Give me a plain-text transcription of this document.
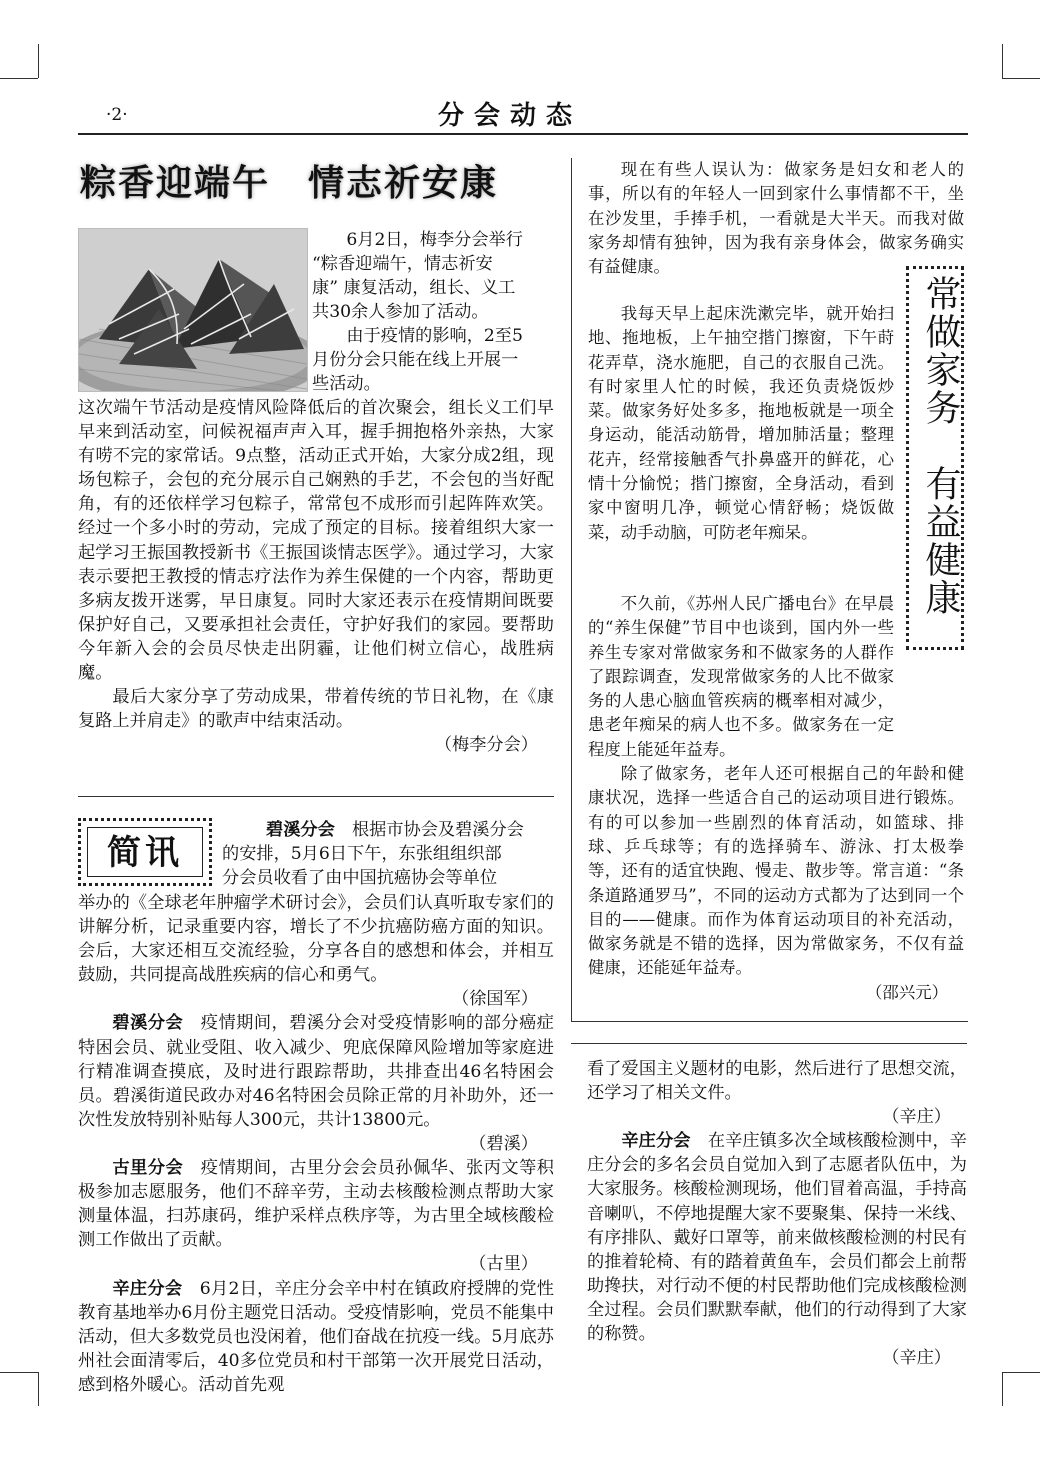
·2·	分会动态
粽香迎端午　情志祈安康

　　6月2日，梅李分会举行

“粽香迎端午，情志祈安

康” 康复活动，组长、义工

共30余人参加了活动。

　　由于疫情的影响，2至5

月份分会只能在线上开展一

些活动。

这次端午节活动是疫情风险降低后的首次聚会，组长义工们早早来到活动室，问候祝福声声入耳，握手拥抱格外亲热，大家有唠不完的家常话。9点整，活动正式开始，大家分成2组，现场包粽子，会包的充分展示自己娴熟的手艺，不会包的当好配角，有的还依样学习包粽子，常常包不成形而引起阵阵欢笑。经过一个多小时的劳动，完成了预定的目标。接着组织大家一起学习王振国教授新书《王振国谈情志医学》。通过学习，大家表示要把王教授的情志疗法作为养生保健的一个内容，帮助更多病友拨开迷雾，早日康复。同时大家还表示在疫情期间既要保护好自己，又要承担社会责任，守护好我们的家园。要帮助今年新入会的会员尽快走出阴霾，让他们树立信心，战胜病魔。

最后大家分享了劳动成果，带着传统的节日礼物，在《康复路上并肩走》的歌声中结束活动。

（梅李分会）

简讯

碧溪分会　根据市协会及碧溪分会

的安排，5月6日下午，东张组组织部

分会员收看了由中国抗癌协会等单位

举办的《全球老年肿瘤学术研讨会》，会员们认真听取专家们的讲解分析，记录重要内容，增长了不少抗癌防癌方面的知识。会后，大家还相互交流经验，分享各自的感想和体会，并相互鼓励，共同提高战胜疾病的信心和勇气。

（徐国军）

碧溪分会　疫情期间，碧溪分会对受疫情影响的部分癌症特困会员、就业受阻、收入减少、兜底保障风险增加等家庭进行精准调查摸底，及时进行跟踪帮助，共排查出46名特困会员。碧溪街道民政办对46名特困会员除正常的月补助外，还一次性发放特别补贴每人300元，共计13800元。

（碧溪）

古里分会　疫情期间，古里分会会员孙佩华、张丙文等积极参加志愿服务，他们不辞辛劳，主动去核酸检测点帮助大家测量体温，扫苏康码，维护采样点秩序等，为古里全域核酸检测工作做出了贡献。

（古里）

辛庄分会　6月2日，辛庄分会辛中村在镇政府授牌的党性教育基地举办6月份主题党日活动。受疫情影响，党员不能集中活动，但大多数党员也没闲着，他们奋战在抗疫一线。5月底苏州社会面清零后，40多位党员和村干部第一次开展党日活动，感到格外暖心。活动首先观

常做家务　有益健康

现在有些人误认为：做家务是妇女和老人的事，所以有的年轻人一回到家什么事情都不干，坐在沙发里，手捧手机，一看就是大半天。而我对做家务却情有独钟，因为我有亲身体会，做家务确实有益健康。

我每天早上起床洗漱完毕，就开始扫地、拖地板，上午抽空揩门擦窗，下午莳花弄草，浇水施肥，自己的衣服自己洗。有时家里人忙的时候，我还负责烧饭炒菜。做家务好处多多，拖地板就是一项全身运动，能活动筋骨，增加肺活量；整理花卉，经常接触香气扑鼻盛开的鲜花，心情十分愉悦；揩门擦窗，全身活动，看到家中窗明几净，顿觉心情舒畅；烧饭做菜，动手动脑，可防老年痴呆。

不久前，《苏州人民广播电台》在早晨的“养生保健”节目中也谈到，国内外一些养生专家对常做家务和不做家务的人群作了跟踪调查，发现常做家务的人比不做家务的人患心脑血管疾病的概率相对减少，患老年痴呆的病人也不多。做家务在一定程度上能延年益寿。

除了做家务，老年人还可根据自己的年龄和健康状况，选择一些适合自己的运动项目进行锻炼。有的可以参加一些剧烈的体育活动，如篮球、排球、乒乓球等；有的选择骑车、游泳、打太极拳等，还有的适宜快跑、慢走、散步等。常言道：“条条道路通罗马”，不同的运动方式都为了达到同一个目的——健康。而作为体育运动项目的补充活动，做家务就是不错的选择，因为常做家务，不仅有益健康，还能延年益寿。

（邵兴元）

看了爱国主义题材的电影，然后进行了思想交流，还学习了相关文件。

（辛庄）

辛庄分会　在辛庄镇多次全域核酸检测中，辛庄分会的多名会员自觉加入到了志愿者队伍中，为大家服务。核酸检测现场，他们冒着高温，手持高音喇叭，不停地提醒大家不要聚集、保持一米线、有序排队、戴好口罩等，前来做核酸检测的村民有的推着轮椅、有的踏着黄鱼车，会员们都会上前帮助搀扶，对行动不便的村民帮助他们完成核酸检测全过程。会员们默默奉献，他们的行动得到了大家的称赞。

（辛庄）
